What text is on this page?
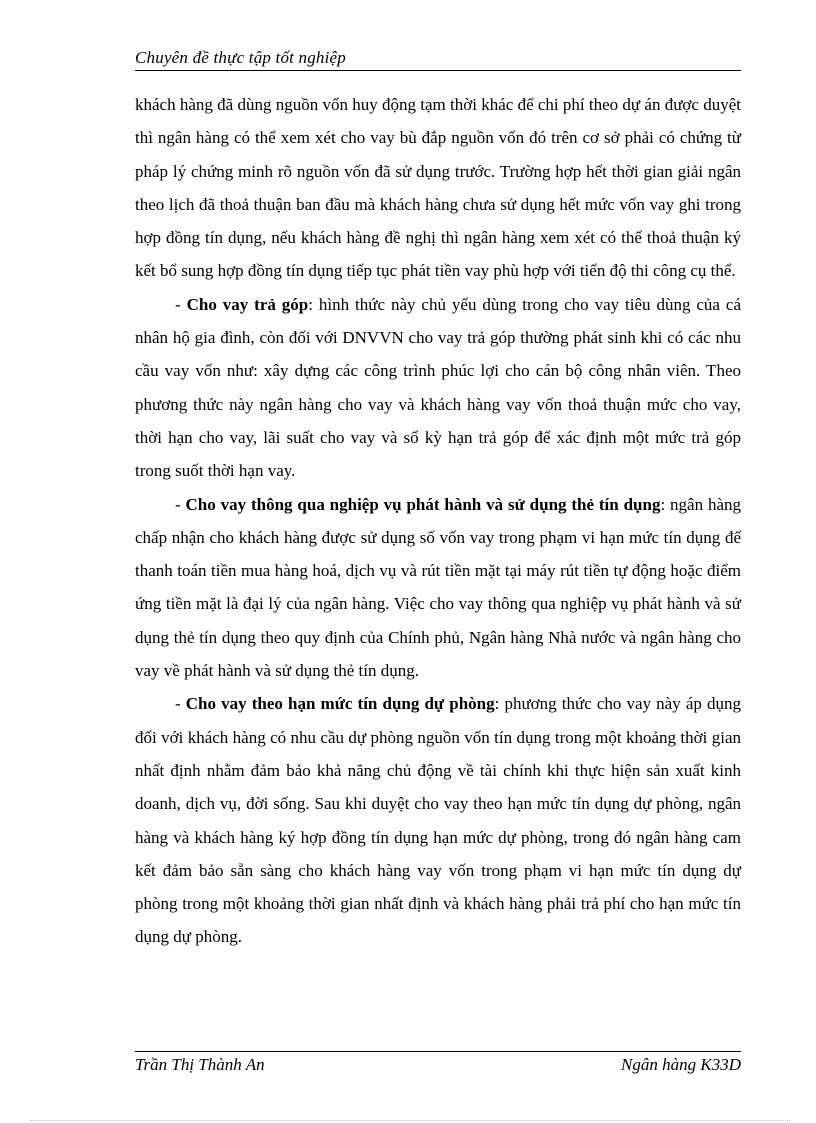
Chuyên đề thực tập tốt nghiệp

khách hàng đã dùng nguồn vốn huy động tạm thời khác để chi phí theo dự án được duyệt thì ngân hàng có thể xem xét cho vay bù đắp nguồn vốn đó trên cơ sở phải có chứng từ pháp lý chứng minh rõ nguồn vốn đã sử dụng trước. Trường hợp hết thời gian giải ngân theo lịch đã thoả thuận ban đầu mà khách hàng chưa sử dụng hết mức vốn vay ghi trong hợp đồng tín dụng, nếu khách hàng đề nghị thì ngân hàng xem xét có thể thoả thuận ký kết bổ sung hợp đồng tín dụng tiếp tục phát tiền vay phù hợp với tiến độ thi công cụ thể.

- Cho vay trả góp: hình thức này chủ yếu dùng trong cho vay tiêu dùng của cá nhân hộ gia đình, còn đối với DNVVN cho vay trả góp thường phát sinh khi có các nhu cầu vay vốn như: xây dựng các công trình phúc lợi cho cán bộ công nhân viên. Theo phương thức này ngân hàng cho vay và khách hàng vay vốn thoả thuận mức cho vay, thời hạn cho vay, lãi suất cho vay và số kỳ hạn trả góp để xác định một mức trả góp trong suốt thời hạn vay.

- Cho vay thông qua nghiệp vụ phát hành và sử dụng thẻ tín dụng: ngân hàng chấp nhận cho khách hàng được sử dụng số vốn vay trong phạm vi hạn mức tín dụng để thanh toán tiền mua hàng hoá, dịch vụ và rút tiền mặt tại máy rút tiền tự động hoặc điểm ứng tiền mặt là đại lý của ngân hàng. Việc cho vay thông qua nghiệp vụ phát hành và sử dụng thẻ tín dụng theo quy định của Chính phủ, Ngân hàng Nhà nước và ngân hàng cho vay về phát hành và sử dụng thẻ tín dụng.

- Cho vay theo hạn mức tín dụng dự phòng: phương thức cho vay này áp dụng đối với khách hàng có nhu cầu dự phòng nguồn vốn tín dụng trong một khoảng thời gian nhất định nhằm đảm bảo khả năng chủ động về tài chính khi thực hiện sản xuất kinh doanh, dịch vụ, đời sống. Sau khi duyệt cho vay theo hạn mức tín dụng dự phòng, ngân hàng và khách hàng ký hợp đồng tín dụng hạn mức dự phòng, trong đó ngân hàng cam kết đảm bảo sẵn sàng cho khách hàng vay vốn trong phạm vi hạn mức tín dụng dự phòng trong một khoảng thời gian nhất định và khách hàng phải trả phí cho hạn mức tín dụng dự phòng.

Trần Thị Thành An	Ngân hàng K33D
